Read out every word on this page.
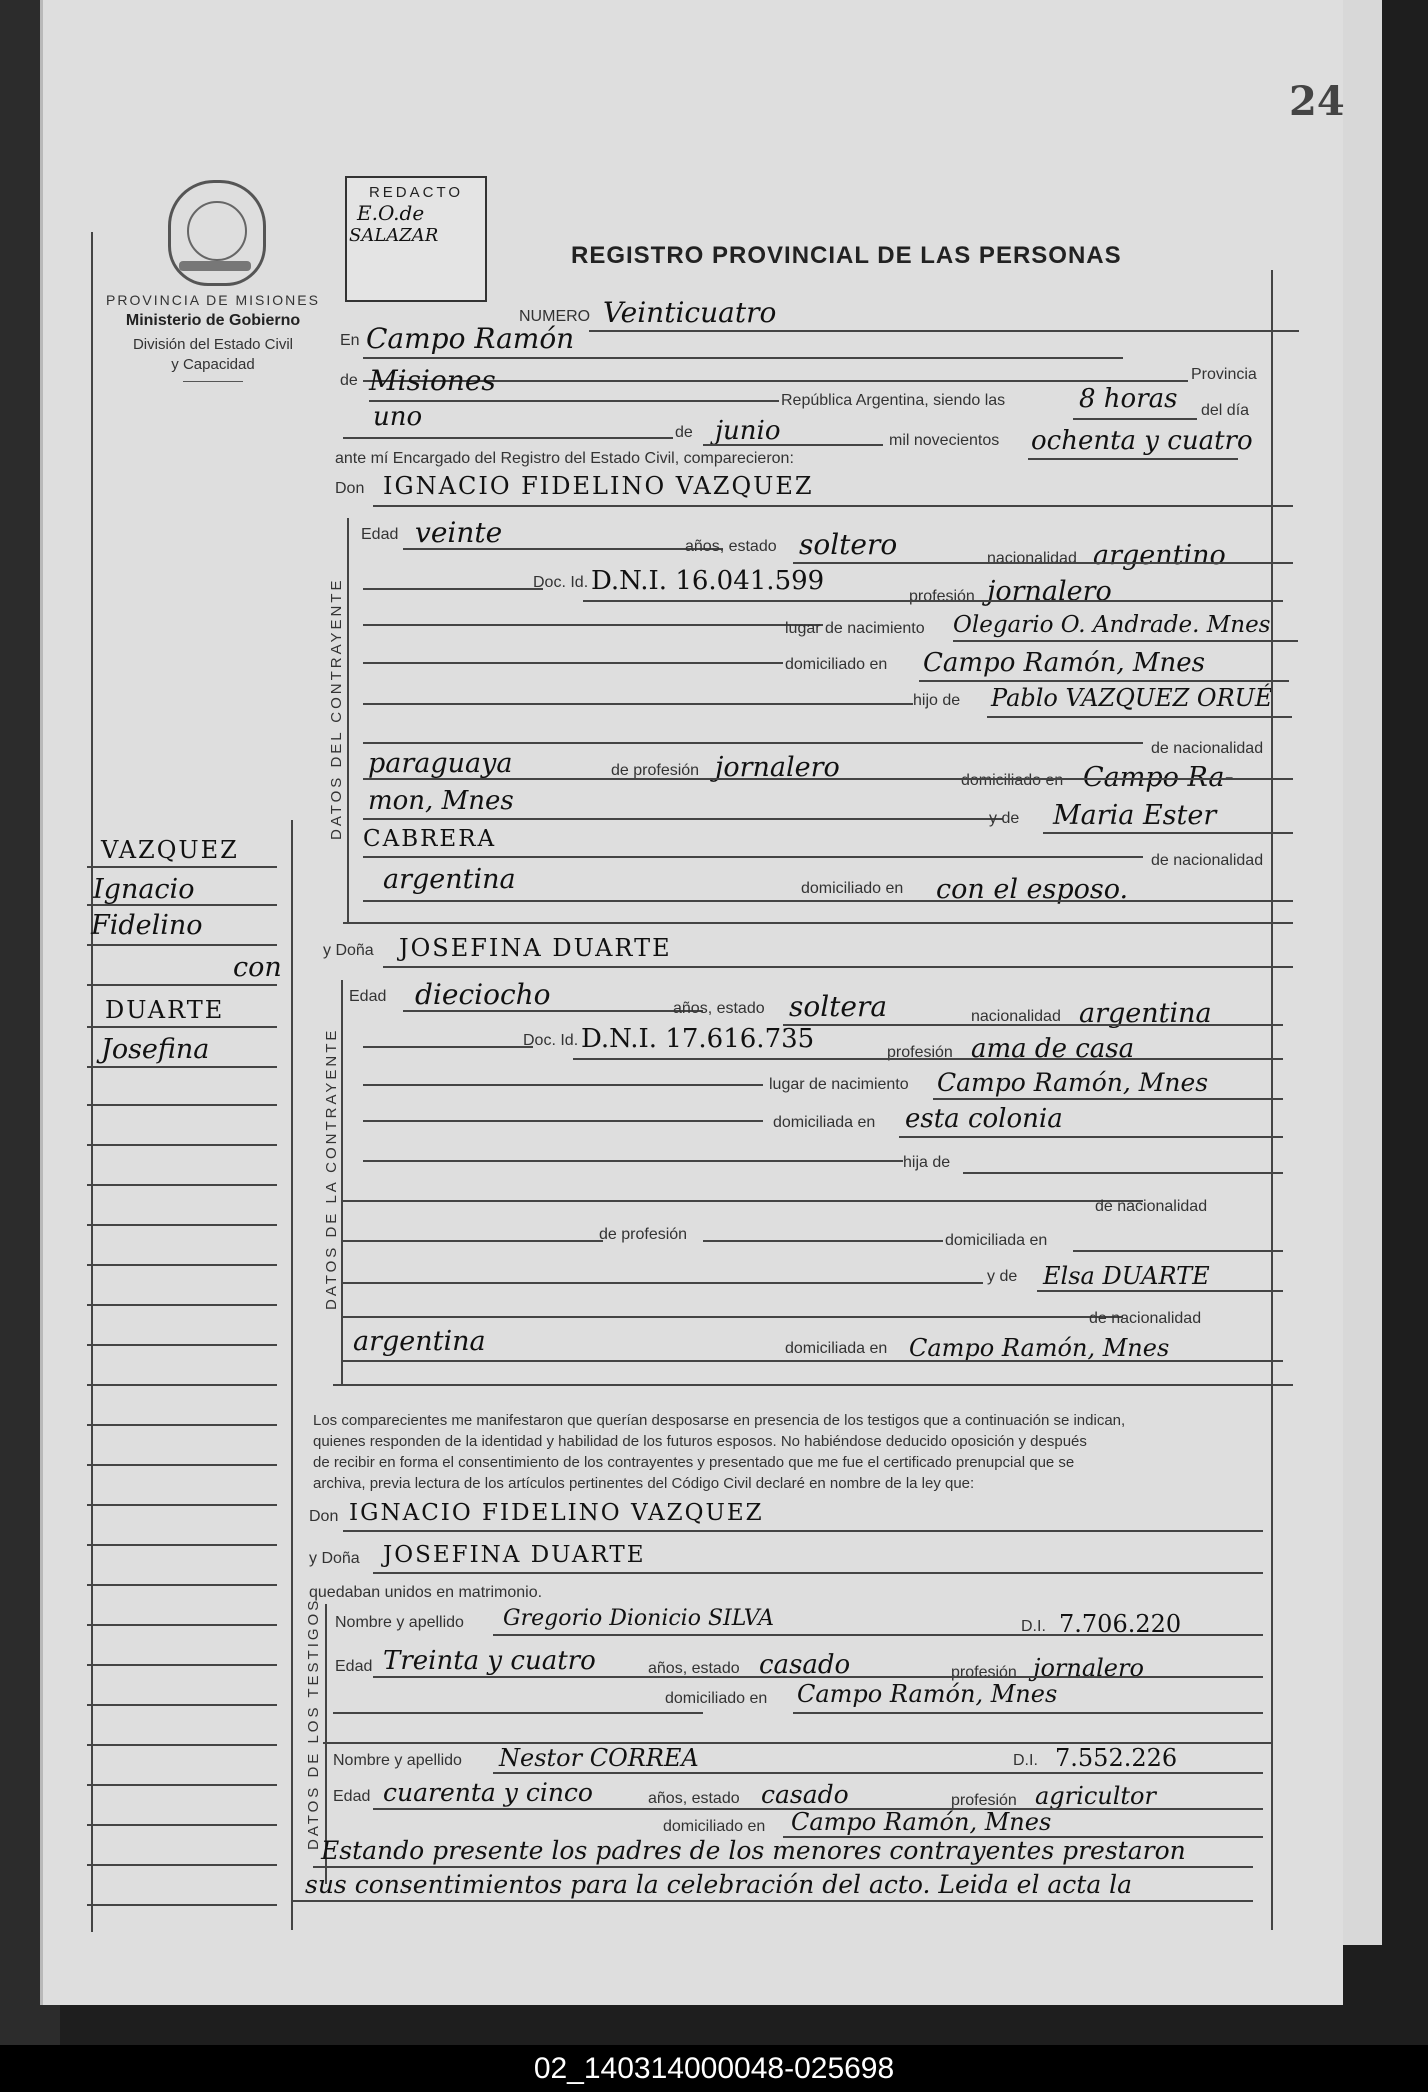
24
PROVINCIA DE MISIONES
Ministerio de Gobierno
División del Estado Civil
y Capacidad
REDACTO
E.O.de
SALAZAR
REGISTRO PROVINCIAL DE LAS PERSONAS
NUMERO Veinticuatro
En Campo Ramón
Provincia
de Misiones
República Argentina, siendo las	8 horas del día
uno
de junio	mil novecientos ochenta y cuatro
ante mí Encargado del Registro del Estado Civil, comparecieron:
DATOS DEL CONTRAYENTE
Don IGNACIO FIDELINO VAZQUEZ
Edad veinte	años, estado soltero	nacionalidad argentino
Doc. Id. D.N.I. 16.041.599
profesión jornalero
lugar de nacimiento Olegario O. Andrade. Mnes
domiciliado en Campo Ramón, Mnes
hijo de Pablo VAZQUEZ ORUÉ
de nacionalidad
paraguaya	de profesión jornalero	domiciliado en Campo Ra-
mon, Mnes
y de Maria Ester
CABRERA
de nacionalidad
argentina	domiciliado en con el esposo.
y Doña JOSEFINA DUARTE
DATOS DE LA CONTRAYENTE
Edad dieciocho	años, estado soltera	nacionalidad argentina
Doc. Id. D.N.I. 17.616.735	profesión ama de casa
lugar de nacimiento Campo Ramón, Mnes
domiciliada en esta colonia
hija de
de nacionalidad
de profesión	domiciliada en
y de Elsa DUARTE
de nacionalidad
argentina	domiciliada en Campo Ramón, Mnes
Los comparecientes me manifestaron que querían desposarse en presencia de los testigos que a continuación se indican,
quienes responden de la identidad y habilidad de los futuros esposos. No habiéndose deducido oposición y después
de recibir en forma el consentimiento de los contrayentes y presentado que me fue el certificado prenupcial que se
archiva, previa lectura de los artículos pertinentes del Código Civil declaré en nombre de la ley que:
Don IGNACIO FIDELINO VAZQUEZ
y Doña JOSEFINA DUARTE
quedaban unidos en matrimonio.
DATOS DE LOS TESTIGOS Nombre y apellido Gregorio Dionicio SILVA	D.I. 7.706.220
Edad Treinta y cuatro	años, estado casado	profesión jornalero
domiciliado en Campo Ramón, Mnes
Nombre y apellido Nestor CORREA	D.I. 7.552.226
Edad cuarenta y cinco	años, estado casado	profesión agricultor
domiciliado en Campo Ramón, Mnes
Estando presente los padres de los menores contrayentes prestaron
sus consentimientos para la celebración del acto. Leida el acta la
VAZQUEZ
Ignacio
Fidelino
con
DUARTE
Josefina
02_140314000048-025698
